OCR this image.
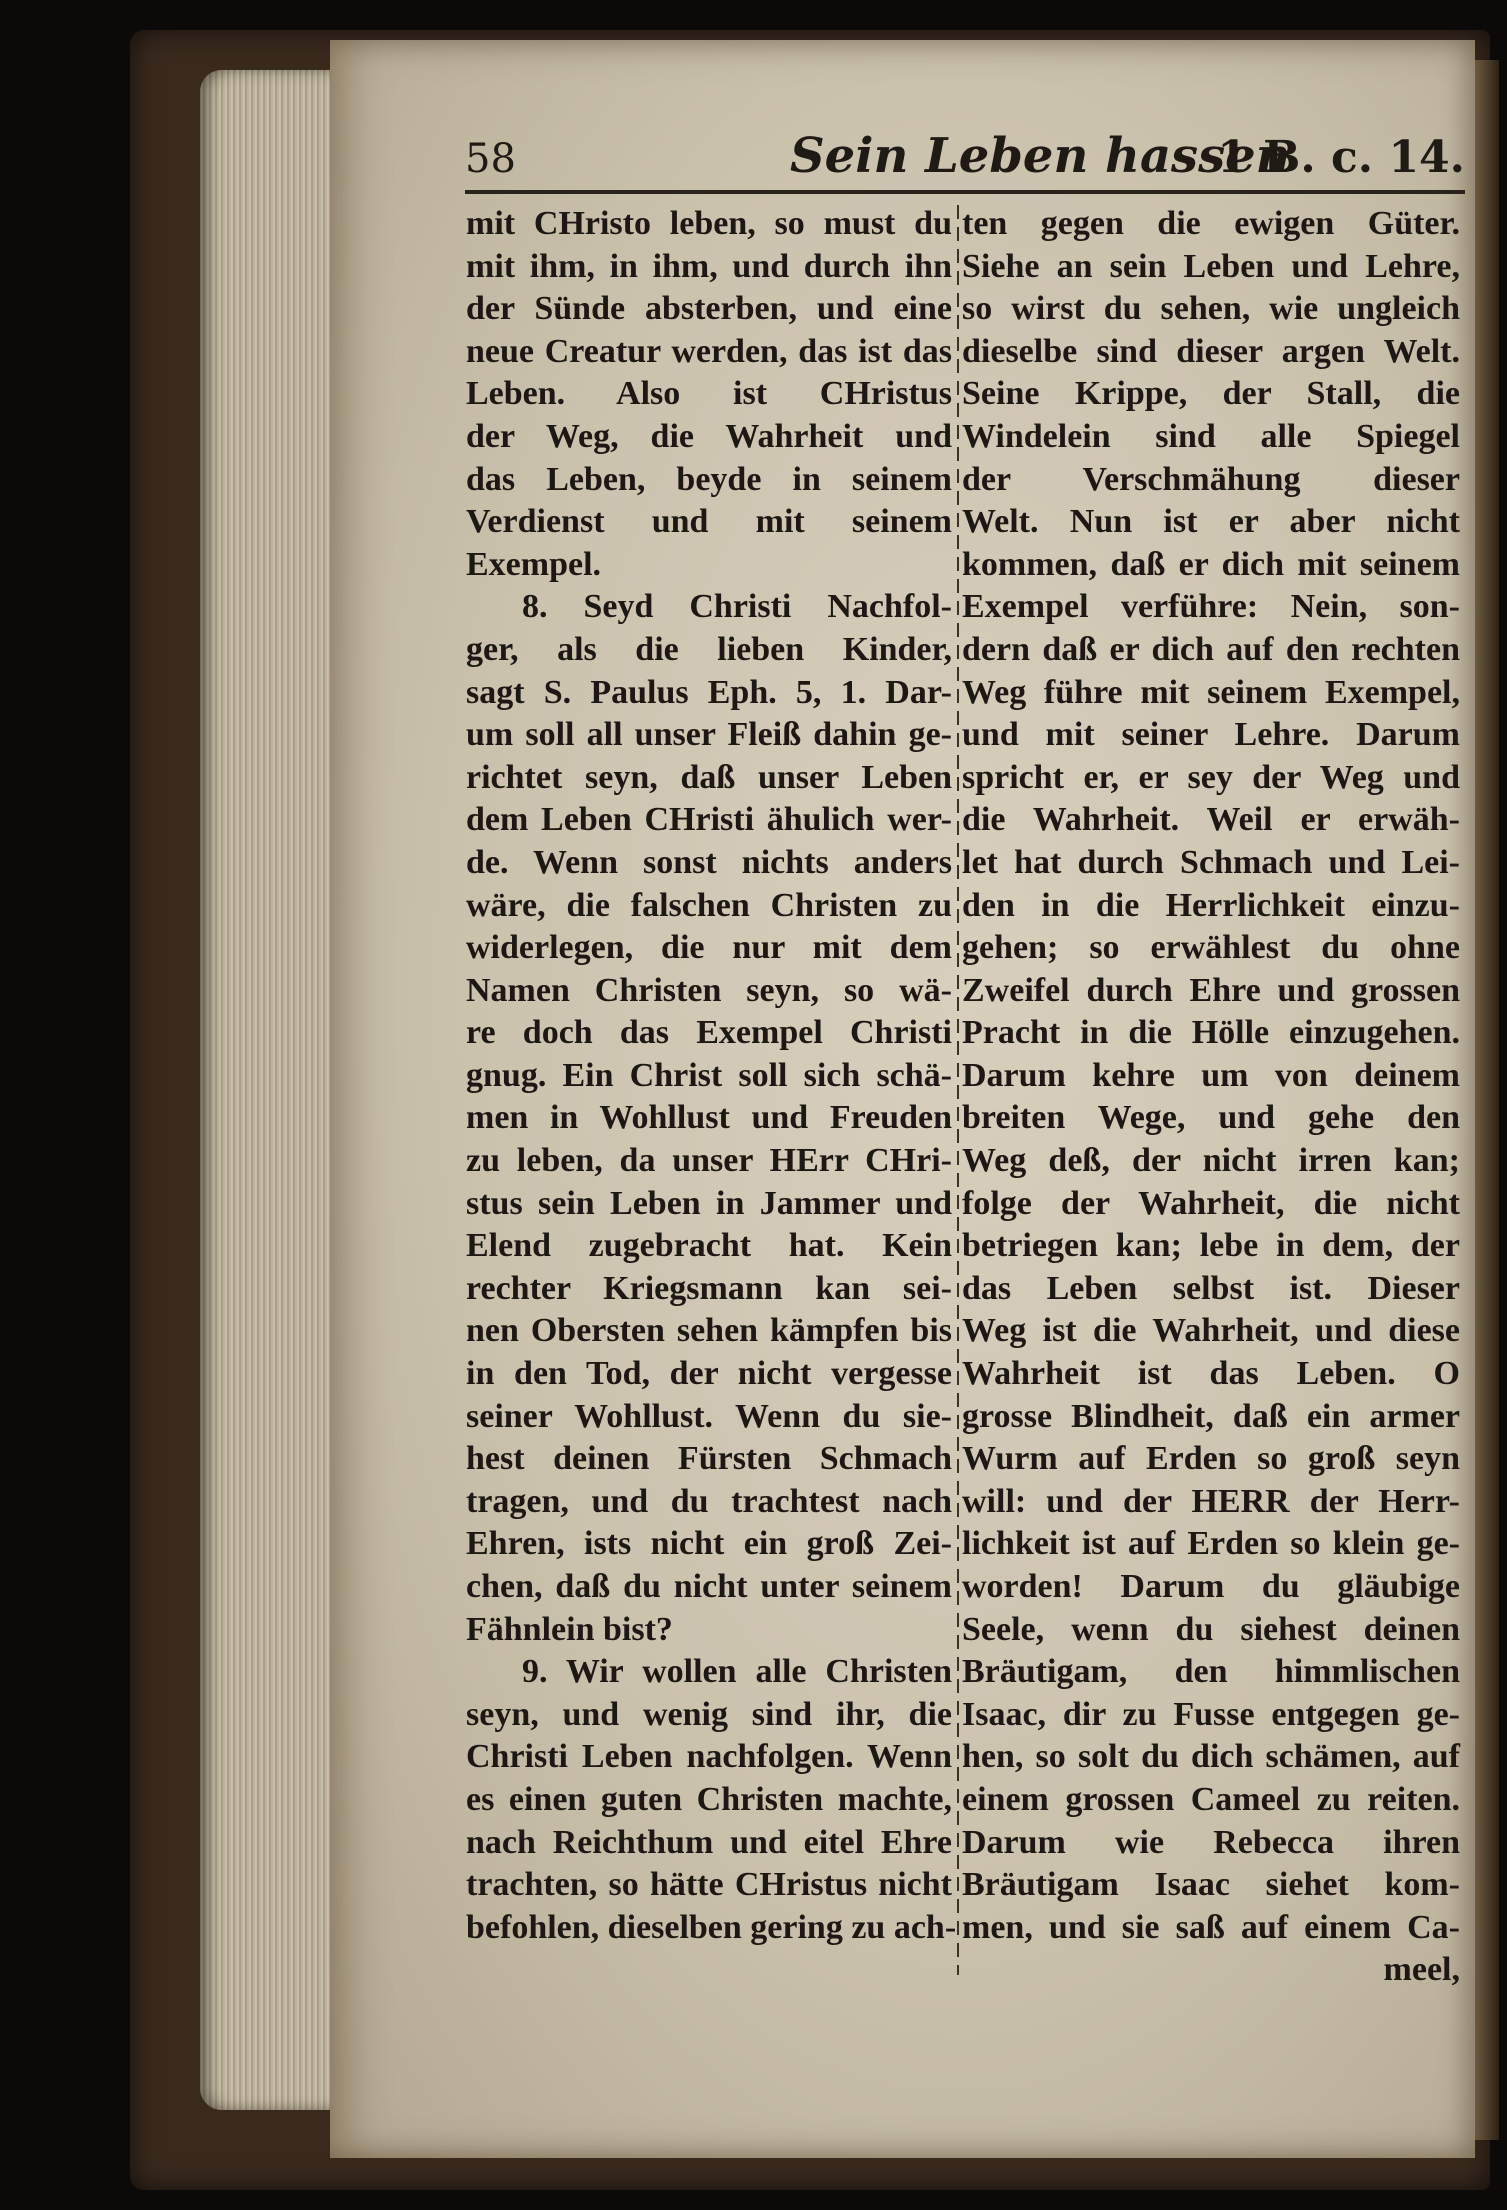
58	Sein Leben hassen
1 B. c. 14.
mit CHristo leben, so must du
mit ihm, in ihm, und durch ihn
der Sünde absterben, und eine
neue Creatur werden, das ist das
Leben. Also ist CHristus
der Weg, die Wahrheit und
das Leben, beyde in seinem
Verdienst und mit seinem
Exempel.
8. Seyd Christi Nachfol-
ger, als die lieben Kinder,
sagt S. Paulus Eph. 5, 1. Dar-
um soll all unser Fleiß dahin ge-
richtet seyn, daß unser Leben
dem Leben CHristi ähulich wer-
de. Wenn sonst nichts anders
wäre, die falschen Christen zu
widerlegen, die nur mit dem
Namen Christen seyn, so wä-
re doch das Exempel Christi
gnug. Ein Christ soll sich schä-
men in Wohllust und Freuden
zu leben, da unser HErr CHri-
stus sein Leben in Jammer und
Elend zugebracht hat. Kein
rechter Kriegsmann kan sei-
nen Obersten sehen kämpfen bis
in den Tod, der nicht vergesse
seiner Wohllust. Wenn du sie-
hest deinen Fürsten Schmach
tragen, und du trachtest nach
Ehren, ists nicht ein groß Zei-
chen, daß du nicht unter seinem
Fähnlein bist?
9. Wir wollen alle Christen
seyn, und wenig sind ihr, die
Christi Leben nachfolgen. Wenn
es einen guten Christen machte,
nach Reichthum und eitel Ehre
trachten, so hätte CHristus nicht
befohlen, dieselben gering zu ach-
ten gegen die ewigen Güter.
Siehe an sein Leben und Lehre,
so wirst du sehen, wie ungleich
dieselbe sind dieser argen Welt.
Seine Krippe, der Stall, die
Windelein sind alle Spiegel
der Verschmähung dieser
Welt. Nun ist er aber nicht
kommen, daß er dich mit seinem
Exempel verführe: Nein, son-
dern daß er dich auf den rechten
Weg führe mit seinem Exempel,
und mit seiner Lehre. Darum
spricht er, er sey der Weg und
die Wahrheit. Weil er erwäh-
let hat durch Schmach und Lei-
den in die Herrlichkeit einzu-
gehen; so erwählest du ohne
Zweifel durch Ehre und grossen
Pracht in die Hölle einzugehen.
Darum kehre um von deinem
breiten Wege, und gehe den
Weg deß, der nicht irren kan;
folge der Wahrheit, die nicht
betriegen kan; lebe in dem, der
das Leben selbst ist. Dieser
Weg ist die Wahrheit, und diese
Wahrheit ist das Leben. O
grosse Blindheit, daß ein armer
Wurm auf Erden so groß seyn
will: und der HERR der Herr-
lichkeit ist auf Erden so klein ge-
worden! Darum du gläubige
Seele, wenn du siehest deinen
Bräutigam, den himmlischen
Isaac, dir zu Fusse entgegen ge-
hen, so solt du dich schämen, auf
einem grossen Cameel zu reiten.
Darum wie Rebecca ihren
Bräutigam Isaac siehet kom-
men, und sie saß auf einem Ca-
meel,
